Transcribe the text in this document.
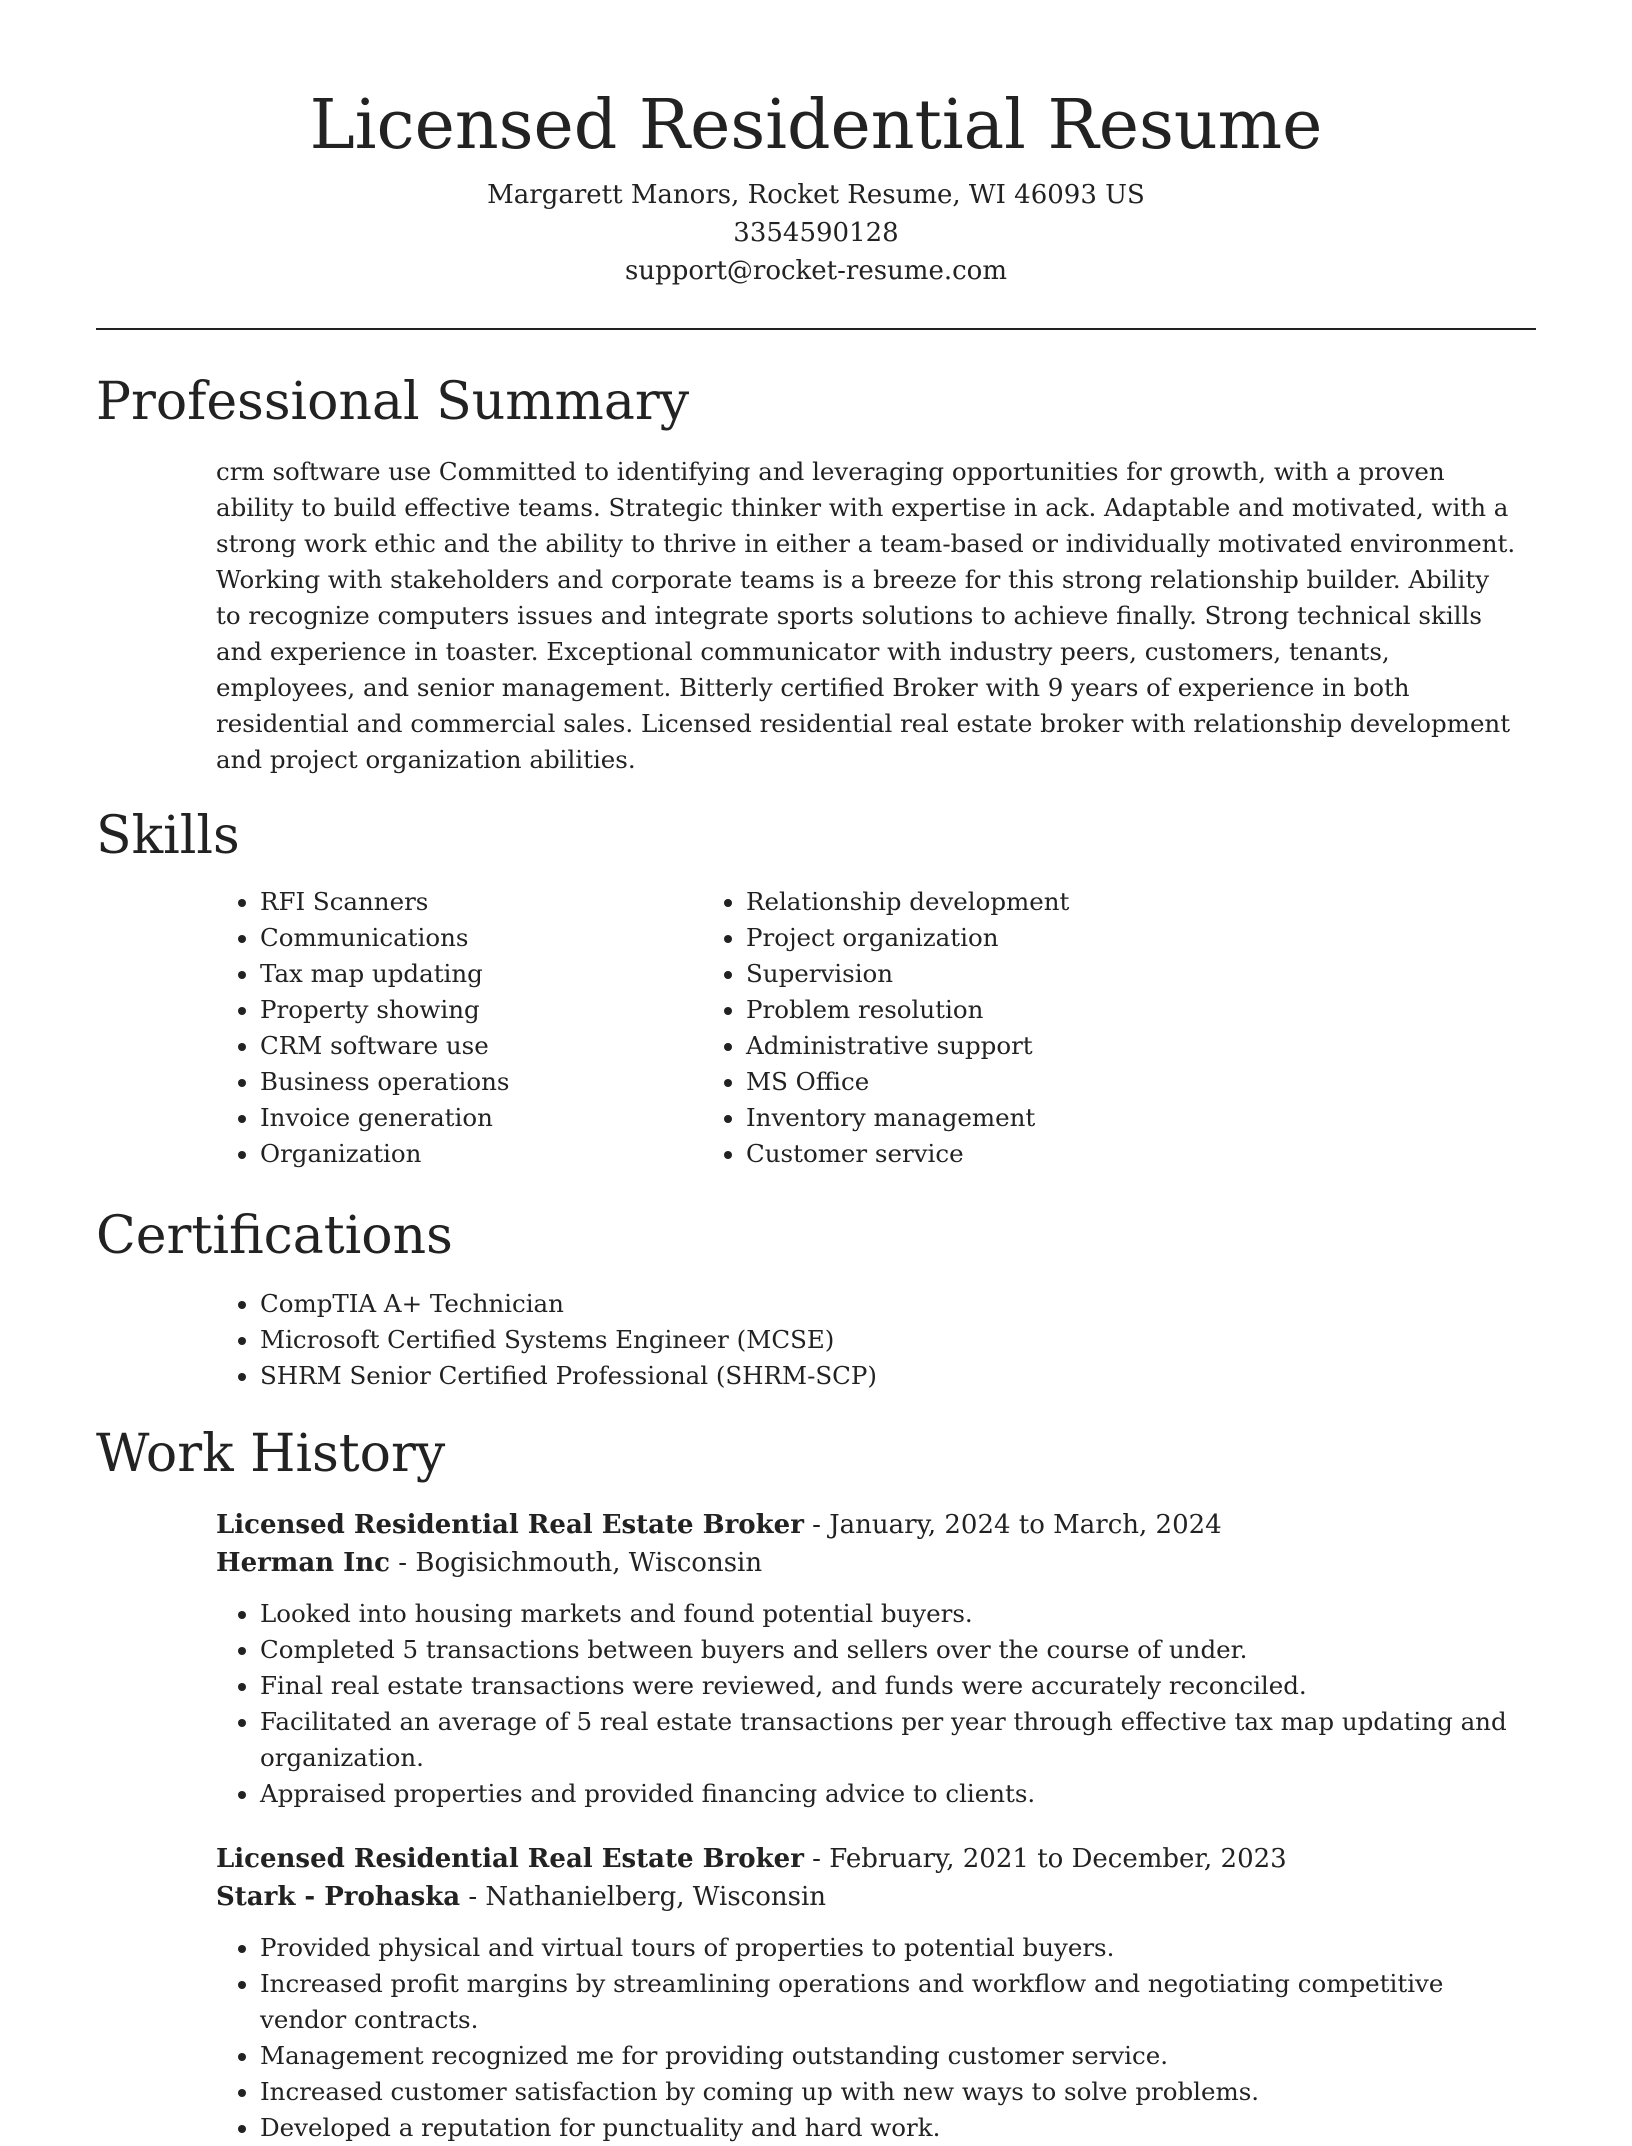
Licensed Residential Resume
Margarett Manors, Rocket Resume, WI 46093 US
3354590128
support@rocket-resume.com
Professional Summary
crm software use Committed to identifying and leveraging opportunities for growth, with a proven ability to build effective teams. Strategic thinker with expertise in ack. Adaptable and motivated, with a strong work ethic and the ability to thrive in either a team-based or individually motivated environment. Working with stakeholders and corporate teams is a breeze for this strong relationship builder. Ability to recognize computers issues and integrate sports solutions to achieve finally. Strong technical skills and experience in toaster. Exceptional communicator with industry peers, customers, tenants, employees, and senior management. Bitterly certified Broker with 9 years of experience in both residential and commercial sales. Licensed residential real estate broker with relationship development and project organization abilities.
Skills
• RFI Scanners
• Communications
• Tax map updating
• Property showing
• CRM software use
• Business operations
• Invoice generation
• Organization
• Relationship development
• Project organization
• Supervision
• Problem resolution
• Administrative support
• MS Office
• Inventory management
• Customer service
Certifications
• CompTIA A+ Technician
• Microsoft Certified Systems Engineer (MCSE)
• SHRM Senior Certified Professional (SHRM-SCP)
Work History

Licensed Residential Real Estate Broker - January, 2024 to March, 2024

Herman Inc - Bogisichmouth, Wisconsin

• Looked into housing markets and found potential buyers.
• Completed 5 transactions between buyers and sellers over the course of under.
• Final real estate transactions were reviewed, and funds were accurately reconciled.
• Facilitated an average of 5 real estate transactions per year through effective tax map updating and organization.
• Appraised properties and provided financing advice to clients.

Licensed Residential Real Estate Broker - February, 2021 to December, 2023

Stark - Prohaska - Nathanielberg, Wisconsin

• Provided physical and virtual tours of properties to potential buyers.
• Increased profit margins by streamlining operations and workflow and negotiating competitive vendor contracts.
• Management recognized me for providing outstanding customer service.
• Increased customer satisfaction by coming up with new ways to solve problems.
• Developed a reputation for punctuality and hard work.
